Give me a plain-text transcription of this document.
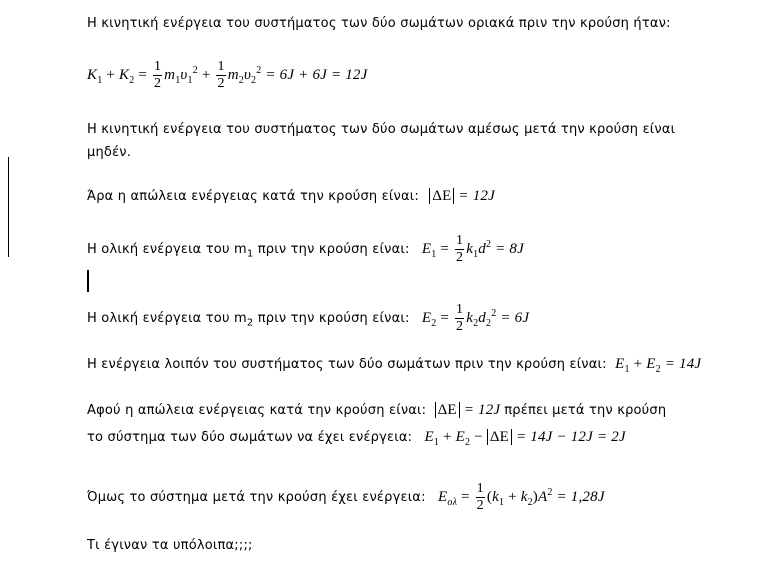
Η κινητική ενέργεια του συστήματος των δύο σωμάτων οριακά πριν την κρούση ήταν:
$K_1 + K_2 = \frac{1}{2} m_1\upsilon_1^2 + \frac{1}{2} m_2\upsilon_2^2 = 6J + 6J = 12J$
Η κινητική ενέργεια του συστήματος των δύο σωμάτων αμέσως μετά την κρούση είναι
μηδέν.
Άρα η απώλεια ενέργειας κατά την κρούση είναι: ΔE = 12J
Η ολική ενέργεια του $m_1$ πριν την κρούση είναι: $E_1 = \frac{1}{2} k_1d^2 = 8J$
Η ολική ενέργεια του $m_2$ πριν την κρούση είναι: $E_2 = \frac{1}{2} k_2d_2^2 = 6J$
Η ενέργεια λοιπόν του συστήματος των δύο σωμάτων πριν την κρούση είναι: $E_1 + E_2 = 14J$
Αφού η απώλεια ενέργειας κατά την κρούση είναι: ΔE = 12J πρέπει μετά την κρούση
το σύστημα των δύο σωμάτων να έχει ενέργεια: $E_1 + E_2 - \Delta E = 14J - 12J = 2J$
Όμως το σύστημα μετά την κρούση έχει ενέργεια: $E_{o\lambda} = \frac{1}{2} (k_1 + k_2)A^2 = 1,28J$
Τι έγιναν τα υπόλοιπα;;;;
